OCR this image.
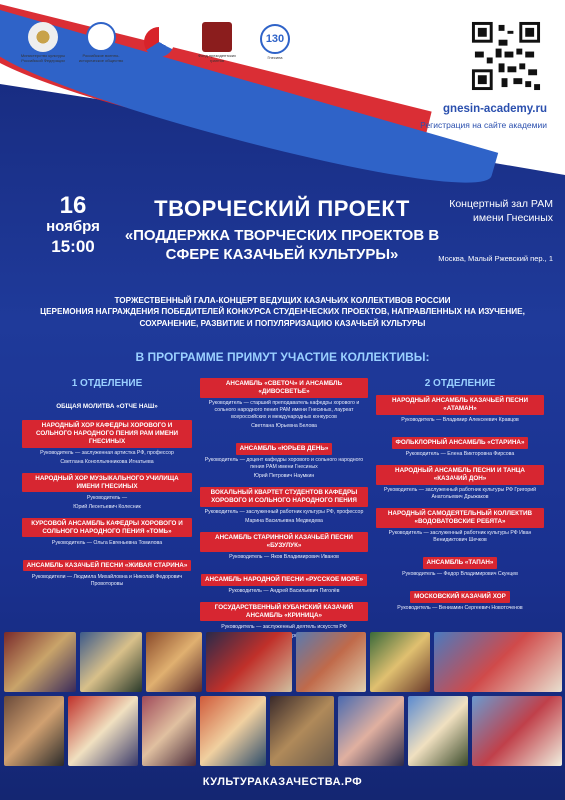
Министерство культуры Российской Федерации
Российское военно-историческое общество
Фонд президентских грантов
130
Гнесина
gnesin-academy.ru
Регистрация на сайте академии
16
ноября
15:00
ТВОРЧЕСКИЙ ПРОЕКТ
«ПОДДЕРЖКА ТВОРЧЕСКИХ ПРОЕКТОВ В СФЕРЕ КАЗАЧЬЕЙ КУЛЬТУРЫ»
Концертный зал РАМ имени Гнесиных
Москва, Малый Ржевский пер., 1
ТОРЖЕСТВЕННЫЙ ГАЛА-КОНЦЕРТ ВЕДУЩИХ КАЗАЧЬИХ КОЛЛЕКТИВОВ РОССИИ
ЦЕРЕМОНИЯ НАГРАЖДЕНИЯ ПОБЕДИТЕЛЕЙ КОНКУРСА СТУДЕНЧЕСКИХ ПРОЕКТОВ, НАПРАВЛЕННЫХ НА ИЗУЧЕНИЕ,
СОХРАНЕНИЕ, РАЗВИТИЕ И ПОПУЛЯРИЗАЦИЮ КАЗАЧЬЕЙ КУЛЬТУРЫ
В ПРОГРАММЕ ПРИМУТ УЧАСТИЕ КОЛЛЕКТИВЫ:
1 ОТДЕЛЕНИЕ
ОБЩАЯ МОЛИТВА «ОТЧЕ НАШ»
НАРОДНЫЙ ХОР КАФЕДРЫ ХОРОВОГО И СОЛЬНОГО НАРОДНОГО ПЕНИЯ РАМ ИМЕНИ ГНЕСИНЫХ
Руководитель — заслуженная артистка РФ, профессор
Светлана Конопльянникова Игнатьева
НАРОДНЫЙ ХОР МУЗЫКАЛЬНОГО УЧИЛИЩА ИМЕНИ ГНЕСИНЫХ
Руководитель —
Юрий Леонтьевич Колесник
КУРСОВОЙ АНСАМБЛЬ КАФЕДРЫ ХОРОВОГО И СОЛЬНОГО НАРОДНОГО ПЕНИЯ «ТОМЬ»
Руководитель — Ольга Евгеньевна Томилова
АНСАМБЛЬ КАЗАЧЬЕЙ ПЕСНИ «ЖИВАЯ СТАРИНА»
Руководители — Людмила Михайловна и Николай Федорович Провоторовы
АНСАМБЛЬ «СВЕТОЧ» И АНСАМБЛЬ «ДИВОСВЕТЬЕ»
Руководитель — старший преподаватель кафедры хорового и сольного народного пения РАМ имени Гнесиных, лауреат всероссийских и международных конкурсов
Светлана Юрьевна Белова
АНСАМБЛЬ «ЮРЬЕВ ДЕНЬ»
Руководитель — доцент кафедры хорового и сольного народного пения РАМ имени Гнесиных
Юрий Петрович Наумкин
ВОКАЛЬНЫЙ КВАРТЕТ СТУДЕНТОВ КАФЕДРЫ ХОРОВОГО И СОЛЬНОГО НАРОДНОГО ПЕНИЯ
Руководитель — заслуженный работник культуры РФ, профессор
Марина Васильевна Медведева
АНСАМБЛЬ СТАРИННОЙ КАЗАЧЬЕЙ ПЕСНИ «БУЗУЛУК»
Руководитель — Яков Владимирович Иванов
АНСАМБЛЬ НАРОДНОЙ ПЕСНИ «РУССКОЕ МОРЕ»
Руководитель — Андрей Васильевич Пиголёв
ГОСУДАРСТВЕННЫЙ КУБАНСКИЙ КАЗАЧИЙ АНСАМБЛЬ «КРИНИЦА»
Руководитель — заслуженный деятель искусств РФ
2 ОТДЕЛЕНИЕ
НАРОДНЫЙ АНСАМБЛЬ КАЗАЧЬЕЙ ПЕСНИ «АТАМАН»
Руководитель — Владимир Алексеевич Кравцов
ФОЛЬКЛОРНЫЙ АНСАМБЛЬ «СТАРИНА»
Руководитель — Елена Викторовна Фирсова
НАРОДНЫЙ АНСАМБЛЬ ПЕСНИ И ТАНЦА «КАЗАЧИЙ ДОН»
Руководитель — заслуженный работник культуры РФ Григорий Анатольевич Дрыжаков
НАРОДНЫЙ САМОДЕЯТЕЛЬНЫЙ КОЛЛЕКТИВ «ВОДОВАТОВСКИЕ РЕБЯТА»
Руководитель — заслуженный работник культуры РФ Иван Венидиктович Шечков
АНСАМБЛЬ «ТАПАН»
Руководитель — Федор Владимирович Скунцев
МОСКОВСКИЙ КАЗАЧИЙ ХОР
Руководитель — Вениамин Сергеевич Новоточенов
КУЛЬТУРАКАЗАЧЕСТВА.РФ
